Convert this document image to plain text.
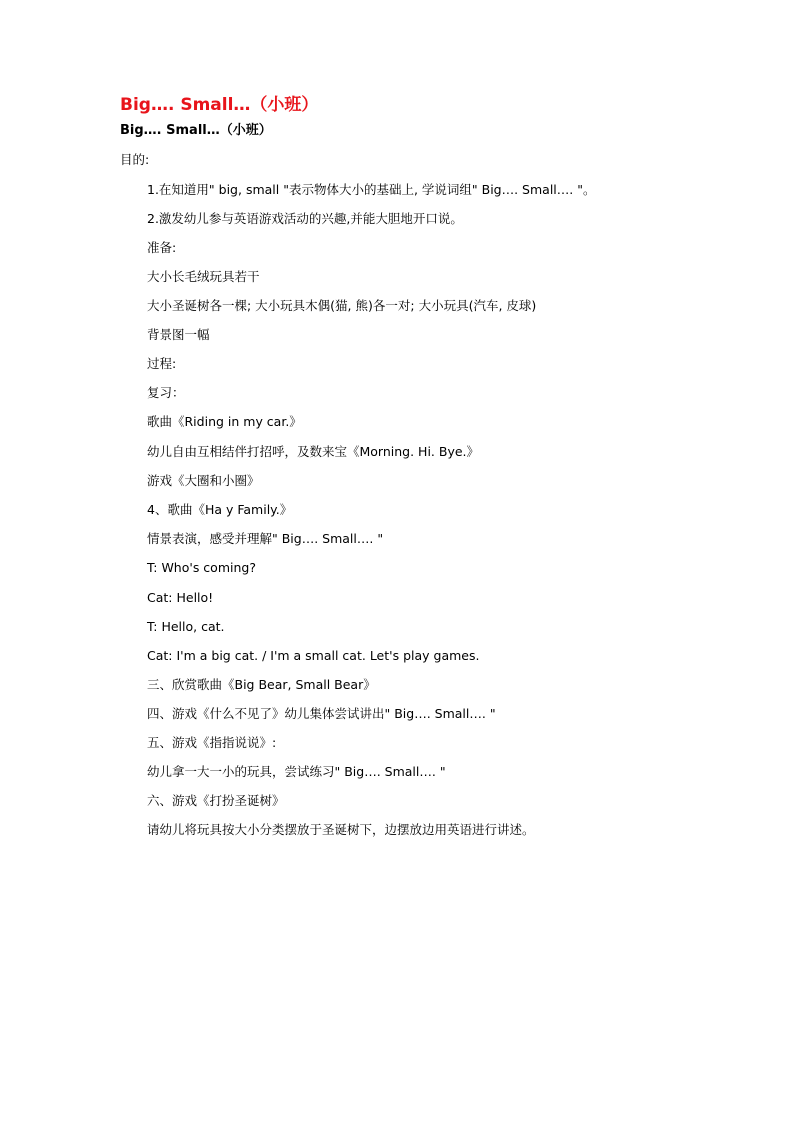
Big…. Small…（小班）
Big…. Small…（小班）
目的:
1.在知道用" big, small "表示物体大小的基础上, 学说词组" Big…. Small…. "。
2.激发幼儿参与英语游戏活动的兴趣,并能大胆地开口说。
准备:
大小长毛绒玩具若干
大小圣诞树各一棵; 大小玩具木偶(猫, 熊)各一对; 大小玩具(汽车, 皮球)
背景图一幅
过程:
复习：
歌曲《Riding in my car.》
幼儿自由互相结伴打招呼，及数来宝《Morning. Hi. Bye.》
游戏《大圈和小圈》
4、歌曲《Ha y Family.》
情景表演，感受并理解" Big…. Small…. "
T: Who's coming?
Cat: Hello!
T: Hello, cat.
Cat: I'm a big cat. / I'm a small cat. Let's play games.
三、欣赏歌曲《Big Bear, Small Bear》
四、游戏《什么不见了》幼儿集体尝试讲出" Big…. Small…. "
五、游戏《指指说说》:
幼儿拿一大一小的玩具，尝试练习" Big…. Small…. "
六、游戏《打扮圣诞树》
请幼儿将玩具按大小分类摆放于圣诞树下，边摆放边用英语进行讲述。
